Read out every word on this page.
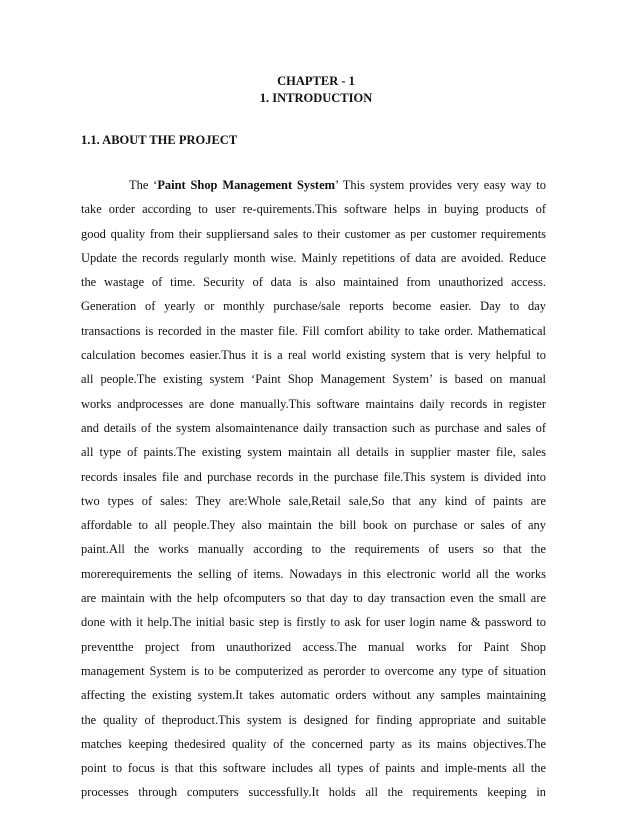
CHAPTER - 1
1. INTRODUCTION
1.1. ABOUT THE PROJECT
The ‘Paint Shop Management System’ This system provides very easy way to
take order according to user re-quirements.This software helps in buying products of
good quality from their suppliersand sales to their customer as per customer requirements
Update the records regularly month wise. Mainly repetitions of data are avoided. Reduce
the wastage of time. Security of data is also maintained from unauthorized access.
Generation of yearly or monthly purchase/sale reports become easier. Day to day
transactions is recorded in the master file. Fill comfort ability to take order. Mathematical
calculation becomes easier.Thus it is a real world existing system that is very helpful to
all people.The existing system ‘Paint Shop Management System’ is based on manual
works andprocesses are done manually.This software maintains daily records in register
and details of the system alsomaintenance daily transaction such as purchase and sales of
all type of paints.The existing system maintain all details in supplier master file, sales
records insales file and purchase records in the purchase file.This system is divided into
two types of sales: They are:Whole sale,Retail sale,So that any kind of paints are
affordable to all people.They also maintain the bill book on purchase or sales of any
paint.All the works manually according to the requirements of users so that the
morerequirements the selling of items. Nowadays in this electronic world all the works
are maintain with the help ofcomputers so that day to day transaction even the small are
done with it help.The initial basic step is firstly to ask for user login name & password to
preventthe project from unauthorized access.The manual works for Paint Shop
management System is to be computerized as perorder to overcome any type of situation
affecting the existing system.It takes automatic orders without any samples maintaining
the quality of theproduct.This system is designed for finding appropriate and suitable
matches keeping thedesired quality of the concerned party as its mains objectives.The
point to focus is that this software includes all types of paints and imple-ments all the
processes through computers successfully.It holds all the requirements keeping in
